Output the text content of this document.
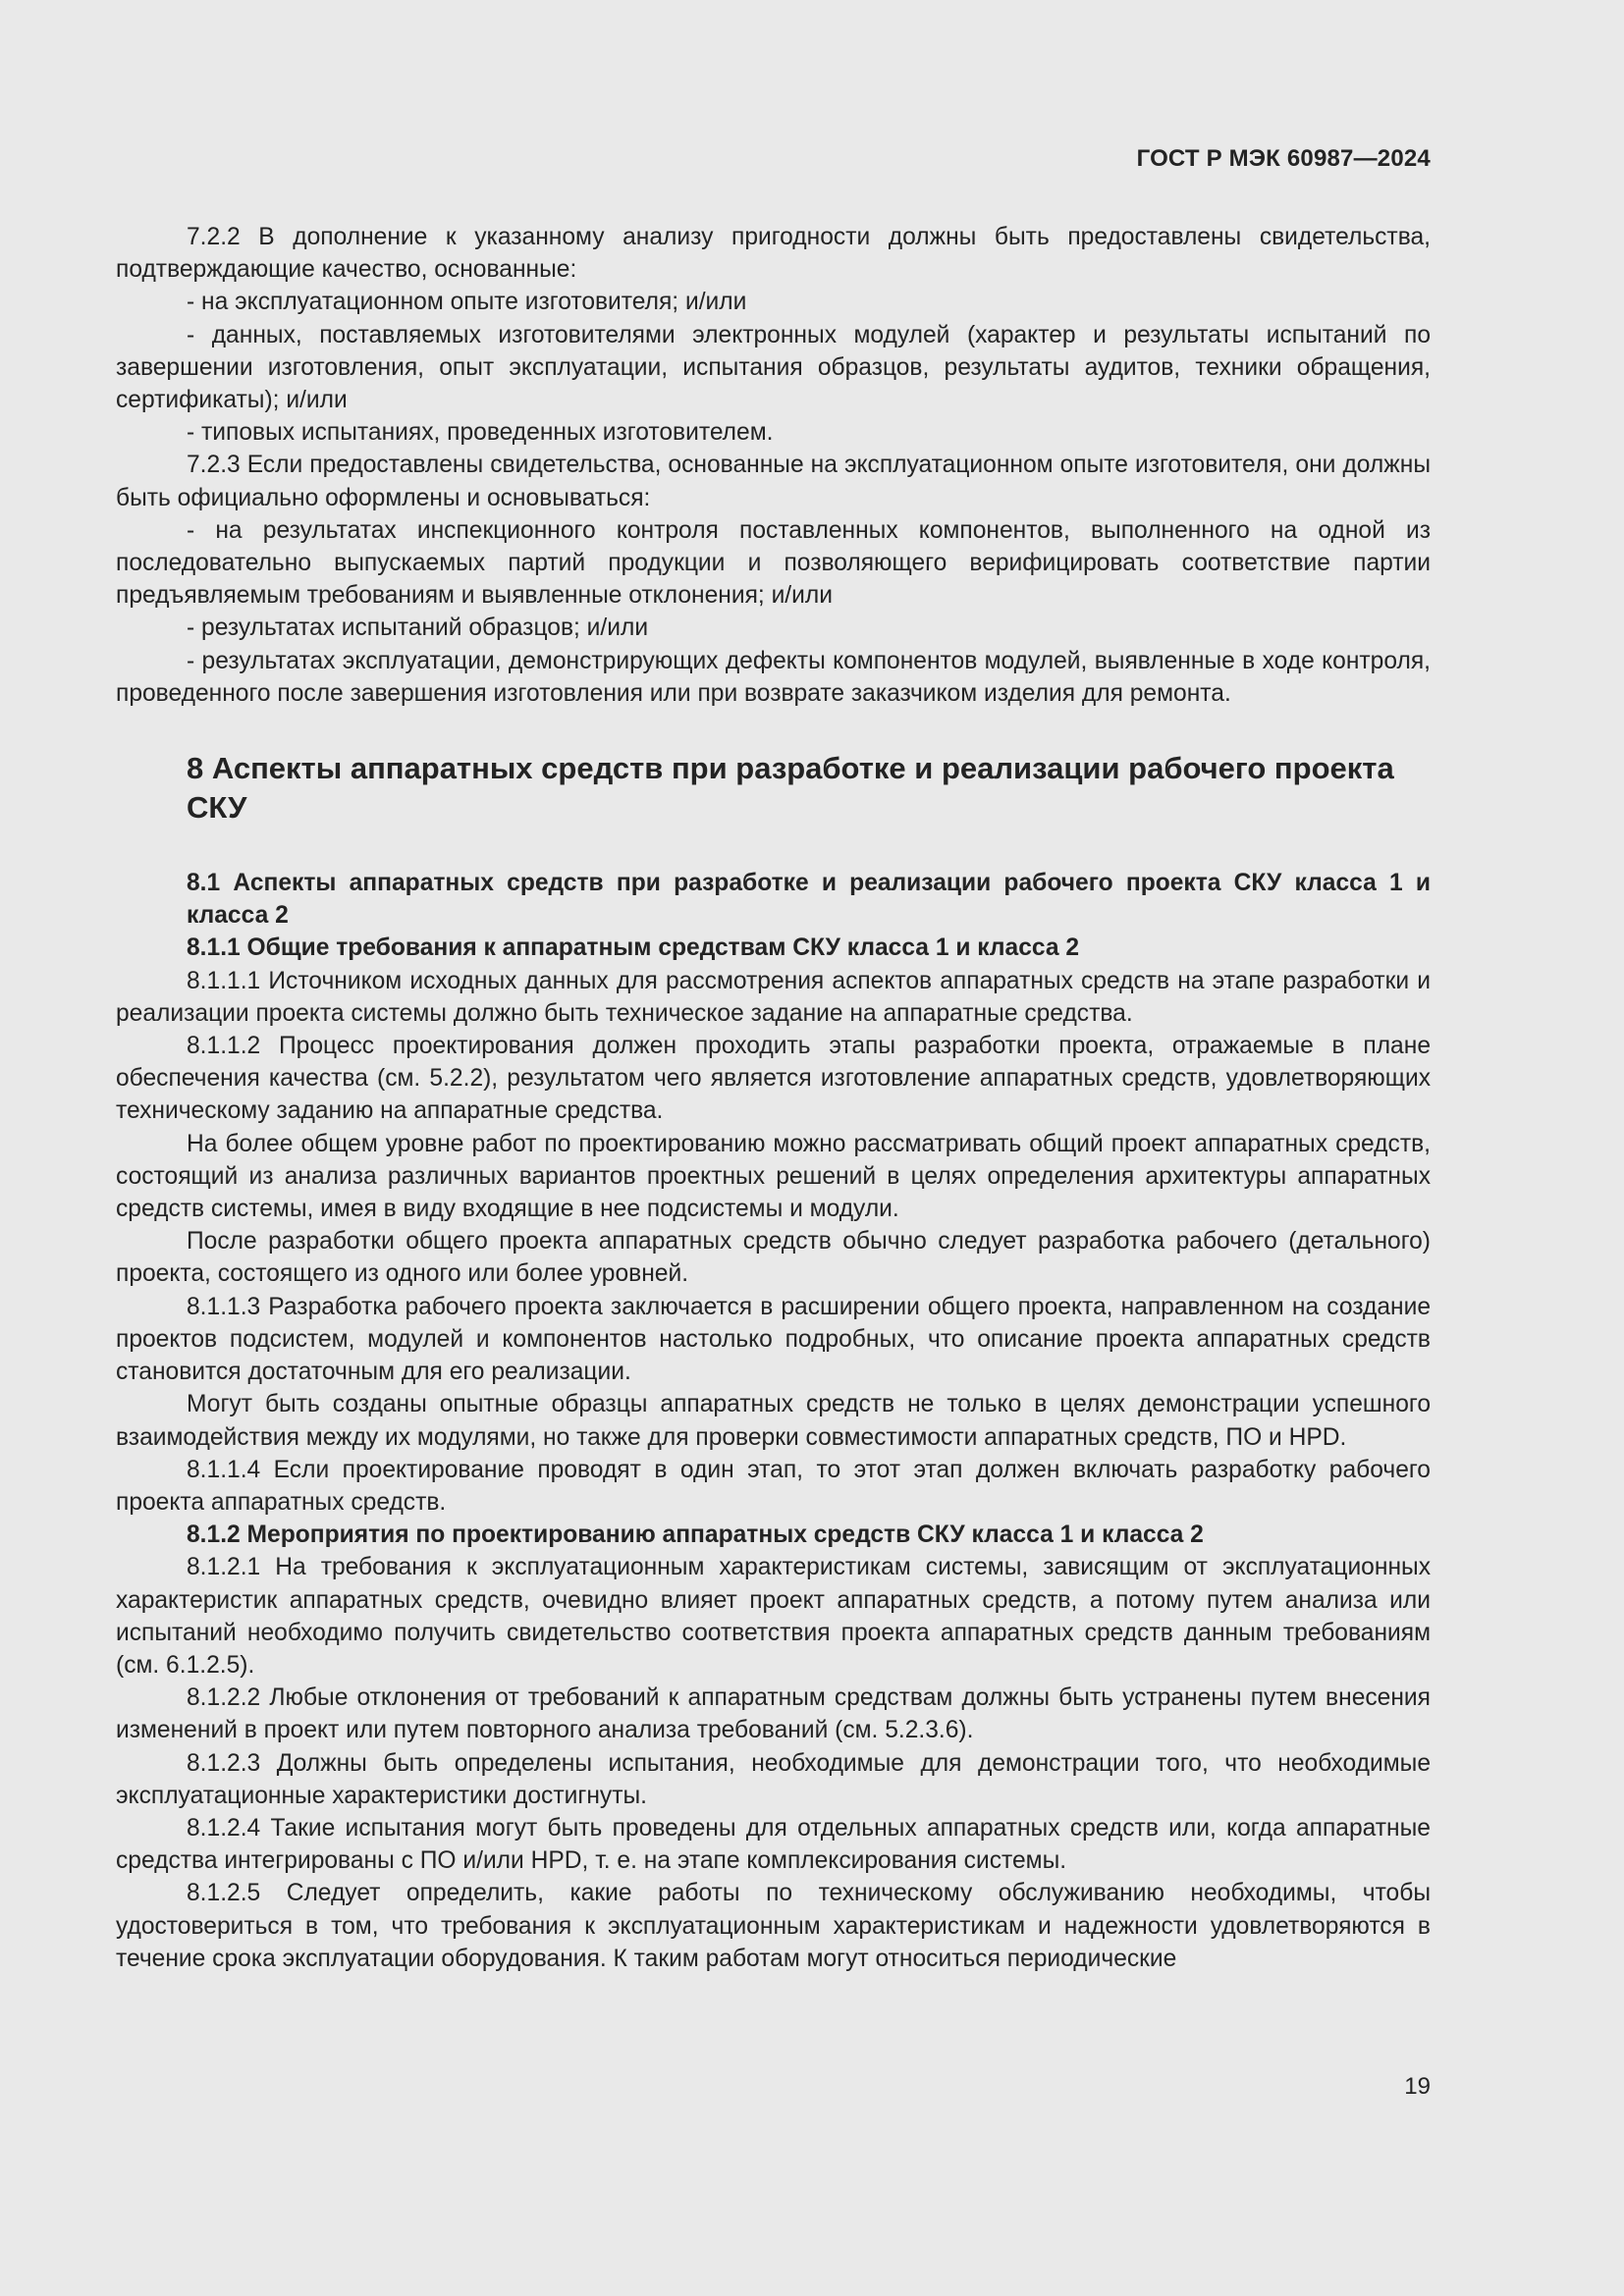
ГОСТ Р МЭК 60987—2024

7.2.2 В дополнение к указанному анализу пригодности должны быть предоставлены свидетельства, подтверждающие качество, основанные:

- на эксплуатационном опыте изготовителя; и/или

- данных, поставляемых изготовителями электронных модулей (характер и результаты испытаний по завершении изготовления, опыт эксплуатации, испытания образцов, результаты аудитов, техники обращения, сертификаты); и/или

- типовых испытаниях, проведенных изготовителем.

7.2.3 Если предоставлены свидетельства, основанные на эксплуатационном опыте изготовителя, они должны быть официально оформлены и основываться:

- на результатах инспекционного контроля поставленных компонентов, выполненного на одной из последовательно выпускаемых партий продукции и позволяющего верифицировать соответствие партии предъявляемым требованиям и выявленные отклонения; и/или

- результатах испытаний образцов; и/или

- результатах эксплуатации, демонстрирующих дефекты компонентов модулей, выявленные в ходе контроля, проведенного после завершения изготовления или при возврате заказчиком изделия для ремонта.

8 Аспекты аппаратных средств при разработке и реализации рабочего проекта СКУ

8.1 Аспекты аппаратных средств при разработке и реализации рабочего проекта СКУ класса 1 и класса 2

8.1.1 Общие требования к аппаратным средствам СКУ класса 1 и класса 2

8.1.1.1 Источником исходных данных для рассмотрения аспектов аппаратных средств на этапе разработки и реализации проекта системы должно быть техническое задание на аппаратные средства.

8.1.1.2 Процесс проектирования должен проходить этапы разработки проекта, отражаемые в плане обеспечения качества (см. 5.2.2), результатом чего является изготовление аппаратных средств, удовлетворяющих техническому заданию на аппаратные средства.

На более общем уровне работ по проектированию можно рассматривать общий проект аппаратных средств, состоящий из анализа различных вариантов проектных решений в целях определения архитектуры аппаратных средств системы, имея в виду входящие в нее подсистемы и модули.

После разработки общего проекта аппаратных средств обычно следует разработка рабочего (детального) проекта, состоящего из одного или более уровней.

8.1.1.3 Разработка рабочего проекта заключается в расширении общего проекта, направленном на создание проектов подсистем, модулей и компонентов настолько подробных, что описание проекта аппаратных средств становится достаточным для его реализации.

Могут быть созданы опытные образцы аппаратных средств не только в целях демонстрации успешного взаимодействия между их модулями, но также для проверки совместимости аппаратных средств, ПО и HPD.

8.1.1.4 Если проектирование проводят в один этап, то этот этап должен включать разработку рабочего проекта аппаратных средств.

8.1.2 Мероприятия по проектированию аппаратных средств СКУ класса 1 и класса 2

8.1.2.1 На требования к эксплуатационным характеристикам системы, зависящим от эксплуатационных характеристик аппаратных средств, очевидно влияет проект аппаратных средств, а потому путем анализа или испытаний необходимо получить свидетельство соответствия проекта аппаратных средств данным требованиям (см. 6.1.2.5).

8.1.2.2 Любые отклонения от требований к аппаратным средствам должны быть устранены путем внесения изменений в проект или путем повторного анализа требований (см. 5.2.3.6).

8.1.2.3 Должны быть определены испытания, необходимые для демонстрации того, что необходимые эксплуатационные характеристики достигнуты.

8.1.2.4 Такие испытания могут быть проведены для отдельных аппаратных средств или, когда аппаратные средства интегрированы с ПО и/или HPD, т. е. на этапе комплексирования системы.

8.1.2.5 Следует определить, какие работы по техническому обслуживанию необходимы, чтобы удостовериться в том, что требования к эксплуатационным характеристикам и надежности удовлетворяются в течение срока эксплуатации оборудования. К таким работам могут относиться периодические

19
